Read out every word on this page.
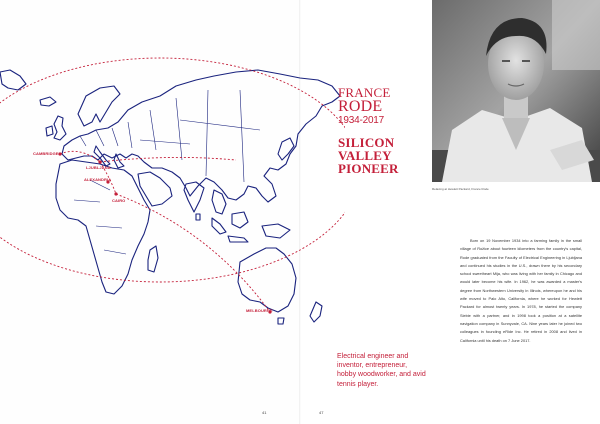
CAMBRIDGE
LJUBLJANA
ALEXANDRIA
CAIRO
MELBOURNE

FRANCE

RODE

1934-2017

SILICON

VALLEY

PIONEER

Relaxing at Hewlett Packard, France Rode

Born on 19 November 1934 into a farming family in the small village of Rožice about fourteen kilometers from the country's capital, Rode graduated from the Faculty of Electrical Engineering in Ljubljana and continued his studies in the U.S., drawn there by his secondary school sweetheart Mija, who was living with her family in Chicago and would later become his wife. In 1962, he was awarded a master's degree from Northwestern University in Illinois, whereupon he and his wife moved to Palo Alto, California, where he worked for Hewlett Packard for almost twenty years. In 1978, he started the company Siebie with a partner, and in 1998 took a position at a satellite navigation company in Sunnyvale, CA. Nine years later he joined two colleagues in founding eRide Inc. He retired in 2008 and lived in California until his death on 7 June 2017.

Electrical engineer and inventor, entrepreneur, hobby woodworker, and avid tennis player.

41	47
